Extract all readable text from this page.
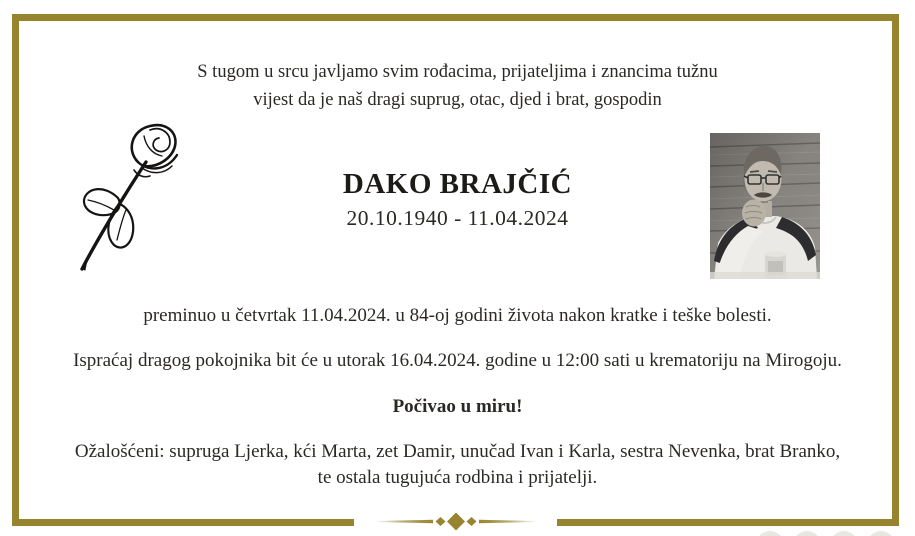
S tugom u srcu javljamo svim rođacima, prijateljima i znancima tužnu
vijest da je naš dragi suprug, otac, djed i brat, gospodin
DAKO BRAJČIĆ
20.10.1940 - 11.04.2024
preminuo u četvrtak 11.04.2024. u 84-oj godini života nakon kratke i teške bolesti.
Ispraćaj dragog pokojnika bit će u utorak 16.04.2024. godine u 12:00 sati u krematoriju na Mirogoju.
Počivao u miru!
Ožalošćeni: supruga Ljerka, kći Marta, zet Damir, unučad Ivan i Karla, sestra Nevenka, brat Branko,
te ostala tugujuća rodbina i prijatelji.
